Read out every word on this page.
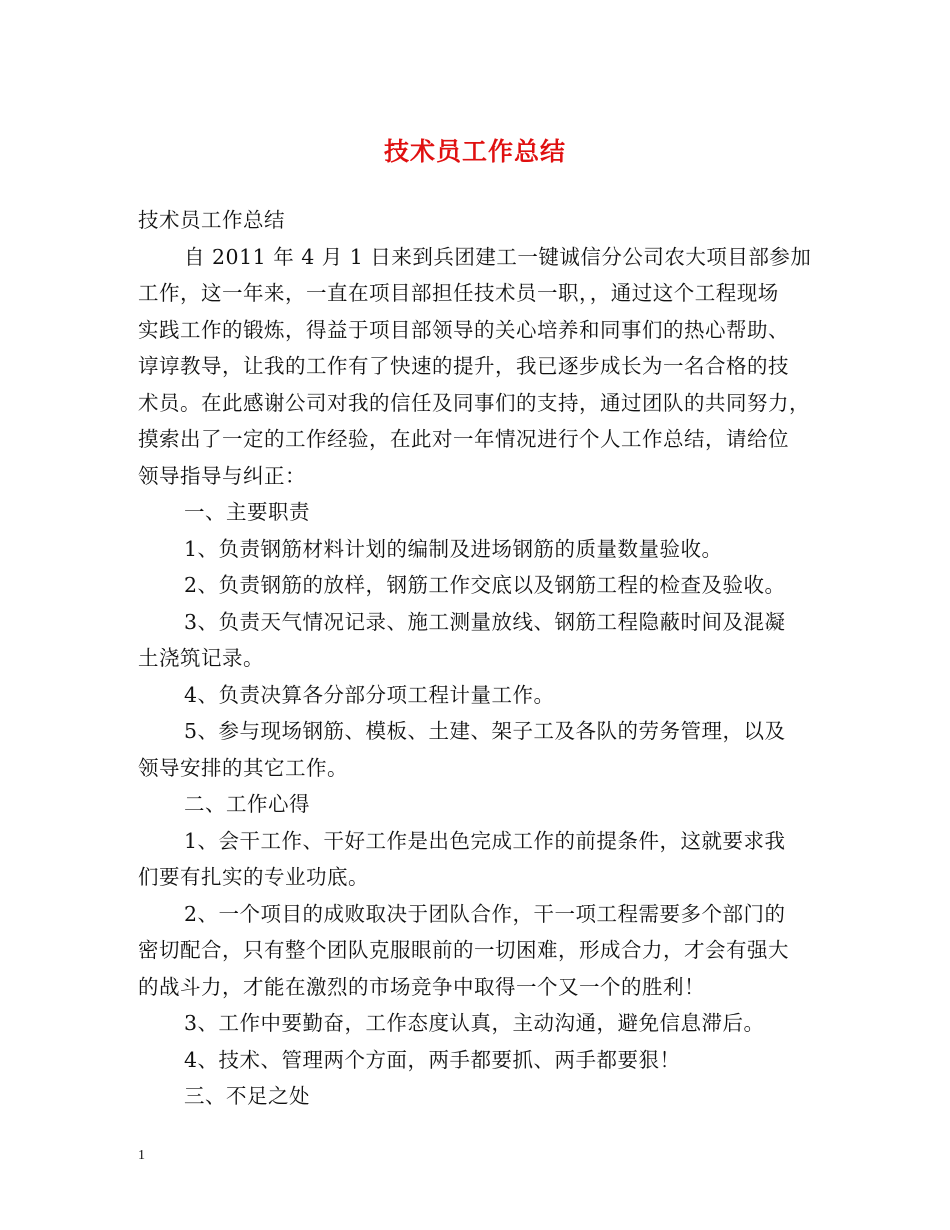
技术员工作总结
技术员工作总结
自 2011 年 4 月 1 日来到兵团建工一键诚信分公司农大项目部参加
工作，这一年来，一直在项目部担任技术员一职，，通过这个工程现场
实践工作的锻炼，得益于项目部领导的关心培养和同事们的热心帮助、
谆谆教导，让我的工作有了快速的提升，我已逐步成长为一名合格的技
术员。在此感谢公司对我的信任及同事们的支持，通过团队的共同努力，
摸索出了一定的工作经验，在此对一年情况进行个人工作总结，请给位
领导指导与纠正：
一、主要职责
1、负责钢筋材料计划的编制及进场钢筋的质量数量验收。
2、负责钢筋的放样，钢筋工作交底以及钢筋工程的检查及验收。
3、负责天气情况记录、施工测量放线、钢筋工程隐蔽时间及混凝
土浇筑记录。
4、负责决算各分部分项工程计量工作。
5、参与现场钢筋、模板、土建、架子工及各队的劳务管理，以及
领导安排的其它工作。
二、工作心得
1、会干工作、干好工作是出色完成工作的前提条件，这就要求我
们要有扎实的专业功底。
2、一个项目的成败取决于团队合作，干一项工程需要多个部门的
密切配合，只有整个团队克服眼前的一切困难，形成合力，才会有强大
的战斗力，才能在激烈的市场竞争中取得一个又一个的胜利！
3、工作中要勤奋，工作态度认真，主动沟通，避免信息滞后。
4、技术、管理两个方面，两手都要抓、两手都要狠！
三、不足之处
1
